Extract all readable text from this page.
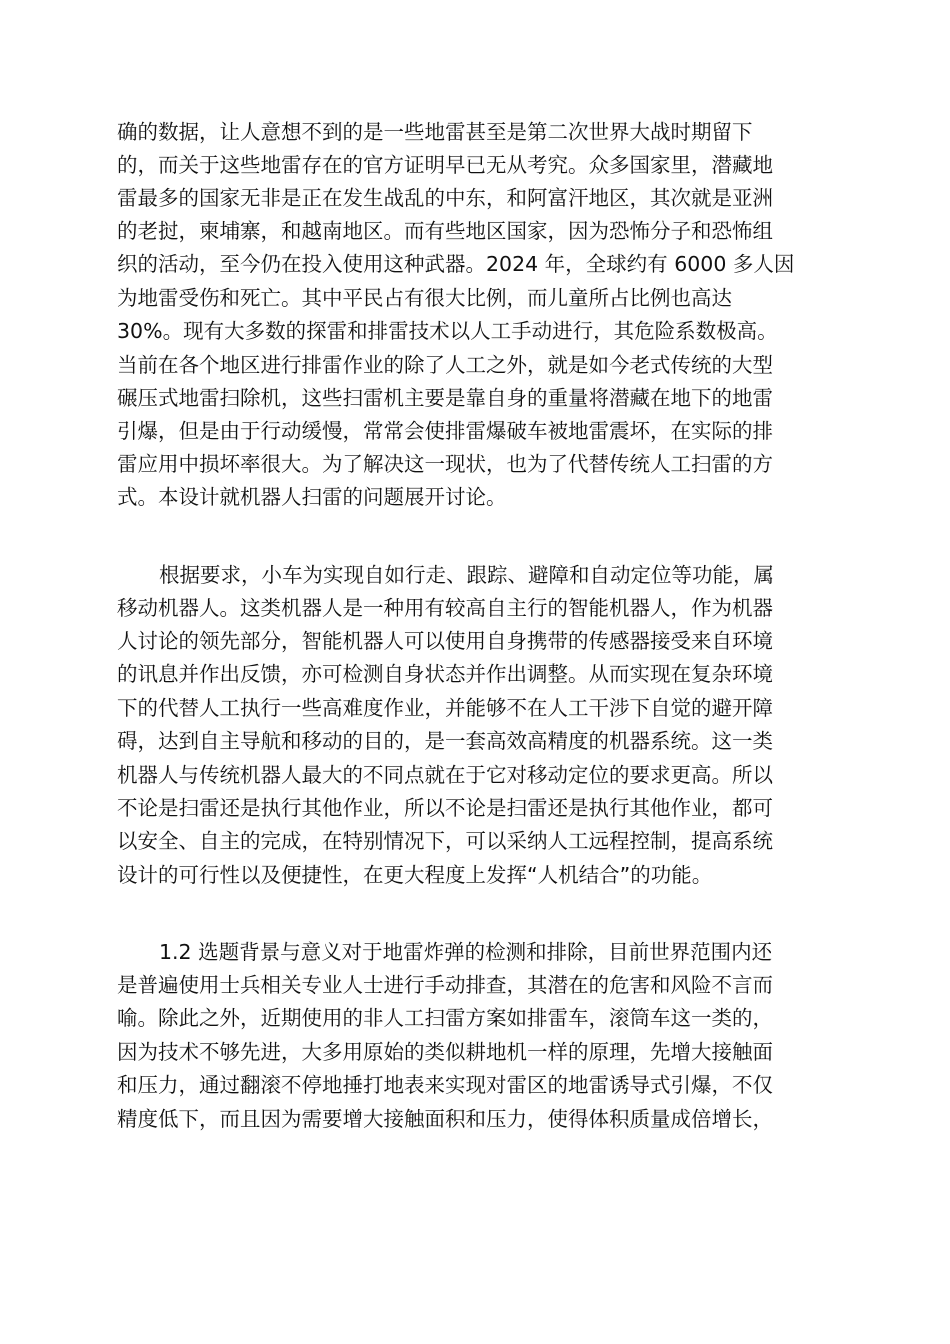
确的数据，让人意想不到的是一些地雷甚至是第二次世界大战时期留下
的，而关于这些地雷存在的官方证明早已无从考究。众多国家里，潜藏地
雷最多的国家无非是正在发生战乱的中东，和阿富汗地区，其次就是亚洲
的老挝，柬埔寨，和越南地区。而有些地区国家，因为恐怖分子和恐怖组
织的活动，至今仍在投入使用这种武器。2024 年，全球约有 6000 多人因
为地雷受伤和死亡。其中平民占有很大比例，而儿童所占比例也高达
30%。现有大多数的探雷和排雷技术以人工手动进行，其危险系数极高。
当前在各个地区进行排雷作业的除了人工之外，就是如今老式传统的大型
碾压式地雷扫除机，这些扫雷机主要是靠自身的重量将潜藏在地下的地雷
引爆，但是由于行动缓慢，常常会使排雷爆破车被地雷震坏，在实际的排
雷应用中损坏率很大。为了解决这一现状，也为了代替传统人工扫雷的方
式。本设计就机器人扫雷的问题展开讨论。
根据要求，小车为实现自如行走、跟踪、避障和自动定位等功能，属
移动机器人。这类机器人是一种用有较高自主行的智能机器人，作为机器
人讨论的领先部分，智能机器人可以使用自身携带的传感器接受来自环境
的讯息并作出反馈，亦可检测自身状态并作出调整。从而实现在复杂环境
下的代替人工执行一些高难度作业，并能够不在人工干涉下自觉的避开障
碍，达到自主导航和移动的目的，是一套高效高精度的机器系统。这一类
机器人与传统机器人最大的不同点就在于它对移动定位的要求更高。所以
不论是扫雷还是执行其他作业，所以不论是扫雷还是执行其他作业，都可
以安全、自主的完成，在特别情况下，可以采纳人工远程控制，提高系统
设计的可行性以及便捷性，在更大程度上发挥“人机结合”的功能。
1.2 选题背景与意义对于地雷炸弹的检测和排除，目前世界范围内还
是普遍使用士兵相关专业人士进行手动排查，其潜在的危害和风险不言而
喻。除此之外，近期使用的非人工扫雷方案如排雷车，滚筒车这一类的，
因为技术不够先进，大多用原始的类似耕地机一样的原理，先增大接触面
和压力，通过翻滚不停地捶打地表来实现对雷区的地雷诱导式引爆，不仅
精度低下，而且因为需要增大接触面积和压力，使得体积质量成倍增长，
